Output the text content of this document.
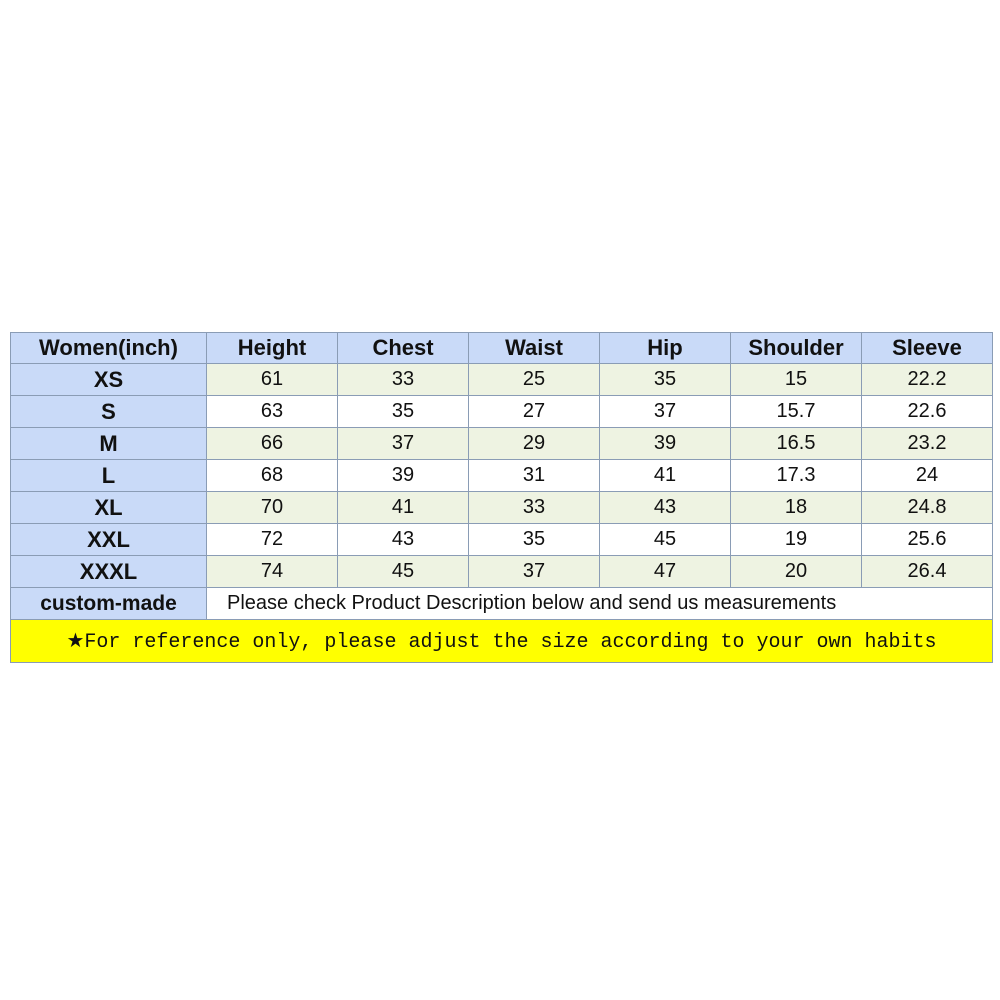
Women(inch)	Height	Chest	Waist	Hip	Shoulder	Sleeve
XS	61	33	25	35	15	22.2
S	63	35	27	37	15.7	22.6
M	66	37	29	39	16.5	23.2
L	68	39	31	41	17.3	24
XL	70	41	33	43	18	24.8
XXL	72	43	35	45	19	25.6
XXXL	74	45	37	47	20	26.4
custom-made	Please check Product Description below and send us measurements					
★For reference only, please adjust the size according to your own habits						
